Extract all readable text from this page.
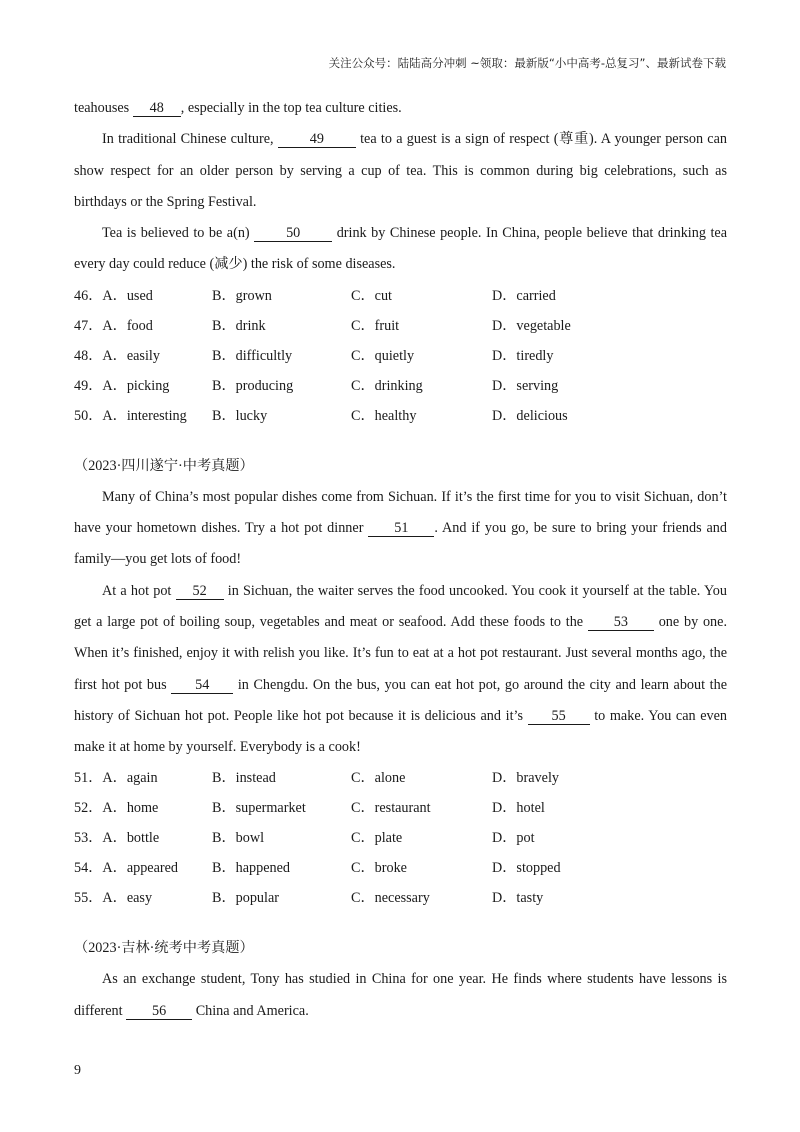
关注公众号：陆陆高分冲刺 ~领取：最新版“小中高考-总复习”、最新试卷下载

teahouses 48 , especially in the top tea culture cities.

In traditional Chinese culture, 49 tea to a guest is a sign of respect (尊重). A younger person can show respect for an older person by serving a cup of tea. This is common during big celebrations, such as birthdays or the Spring Festival.

Tea is believed to be a(n) 50 drink by Chinese people. In China, people believe that drinking tea every day could reduce (减少) the risk of some diseases.

46．A．used	B．grown	C．cut	D．carried
47．A．food	B．drink	C．fruit	D．vegetable
48．A．easily	B．difficultly	C．quietly	D．tiredly
49．A．picking	B．producing	C．drinking	D．serving
50．A．interesting	B．lucky	C．healthy	D．delicious

（2023·四川遂宁·中考真题）

Many of China’s most popular dishes come from Sichuan. If it’s the first time for you to visit Sichuan, don’t have your hometown dishes. Try a hot pot dinner 51 . And if you go, be sure to bring your friends and family—you get lots of food!

At a hot pot 52 in Sichuan, the waiter serves the food uncooked. You cook it yourself at the table. You get a large pot of boiling soup, vegetables and meat or seafood. Add these foods to the 53 one by one. When it’s finished, enjoy it with relish you like. It’s fun to eat at a hot pot restaurant. Just several months ago, the first hot pot bus 54 in Chengdu. On the bus, you can eat hot pot, go around the city and learn about the history of Sichuan hot pot. People like hot pot because it is delicious and it’s 55 to make. You can even make it at home by yourself. Everybody is a cook!

51．A．again	B．instead	C．alone	D．bravely
52．A．home	B．supermarket	C．restaurant	D．hotel
53．A．bottle	B．bowl	C．plate	D．pot
54．A．appeared	B．happened	C．broke	D．stopped
55．A．easy	B．popular	C．necessary	D．tasty

（2023·吉林·统考中考真题）

As an exchange student, Tony has studied in China for one year. He finds where students have lessons is different 56 China and America.

9
